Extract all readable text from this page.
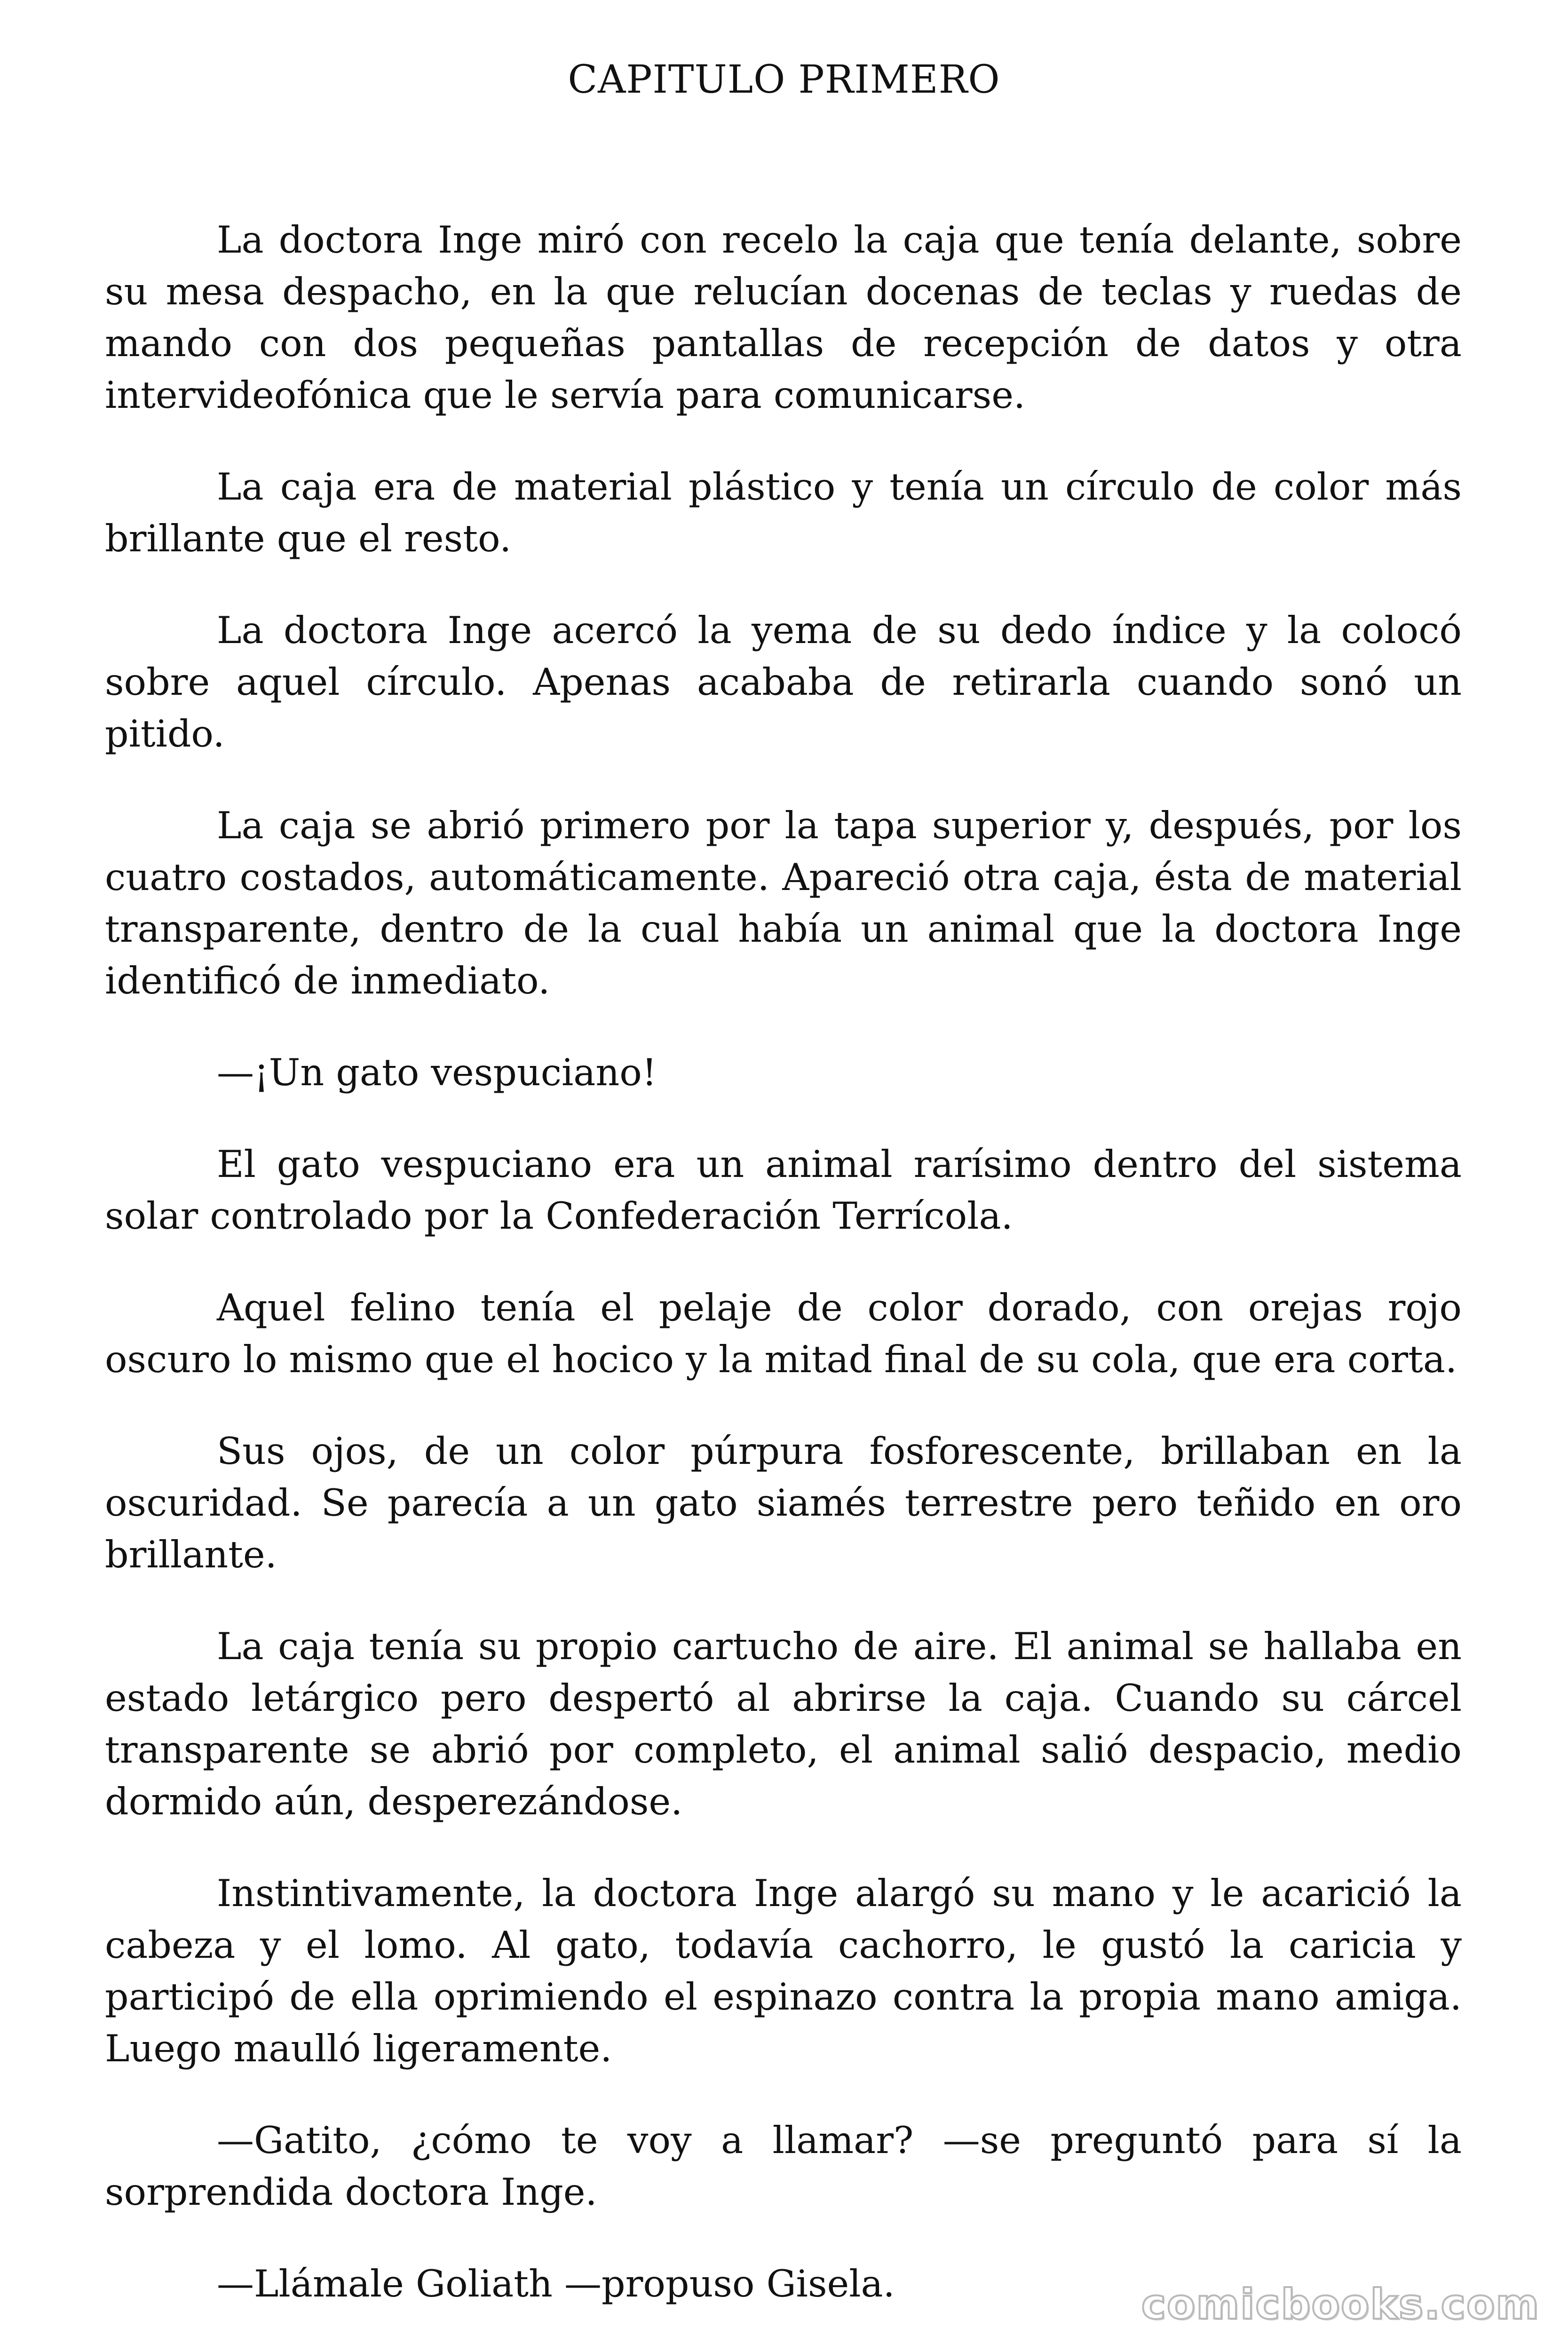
CAPITULO PRIMERO

La doctora Inge miró con recelo la caja que tenía delante, sobre su mesa despacho, en la que relucían docenas de teclas y ruedas de mando con dos pequeñas pantallas de recepción de datos y otra intervideofónica que le servía para comunicarse.

La caja era de material plástico y tenía un círculo de color más brillante que el resto.

La doctora Inge acercó la yema de su dedo índice y la colocó sobre aquel círculo. Apenas acababa de retirarla cuando sonó un pitido.

La caja se abrió primero por la tapa superior y, después, por los cuatro costados, automáticamente. Apareció otra caja, ésta de material transparente, dentro de la cual había un animal que la doctora Inge identificó de inmediato.

—¡Un gato vespuciano!

El gato vespuciano era un animal rarísimo dentro del sistema solar controlado por la Confederación Terrícola.

Aquel felino tenía el pelaje de color dorado, con orejas rojo oscuro lo mismo que el hocico y la mitad final de su cola, que era corta.

Sus ojos, de un color púrpura fosforescente, brillaban en la oscuridad. Se parecía a un gato siamés terrestre pero teñido en oro brillante.

La caja tenía su propio cartucho de aire. El animal se hallaba en estado letárgico pero despertó al abrirse la caja. Cuando su cárcel transparente se abrió por completo, el animal salió despacio, medio dormido aún, desperezándose.

Instintivamente, la doctora Inge alargó su mano y le acarició la cabeza y el lomo. Al gato, todavía cachorro, le gustó la caricia y participó de ella oprimiendo el espinazo contra la propia mano amiga. Luego maulló ligeramente.

—Gatito, ¿cómo te voy a llamar? —se preguntó para sí la sorprendida doctora Inge.

—Llámale Goliath —propuso Gisela.	comicbooks.com
